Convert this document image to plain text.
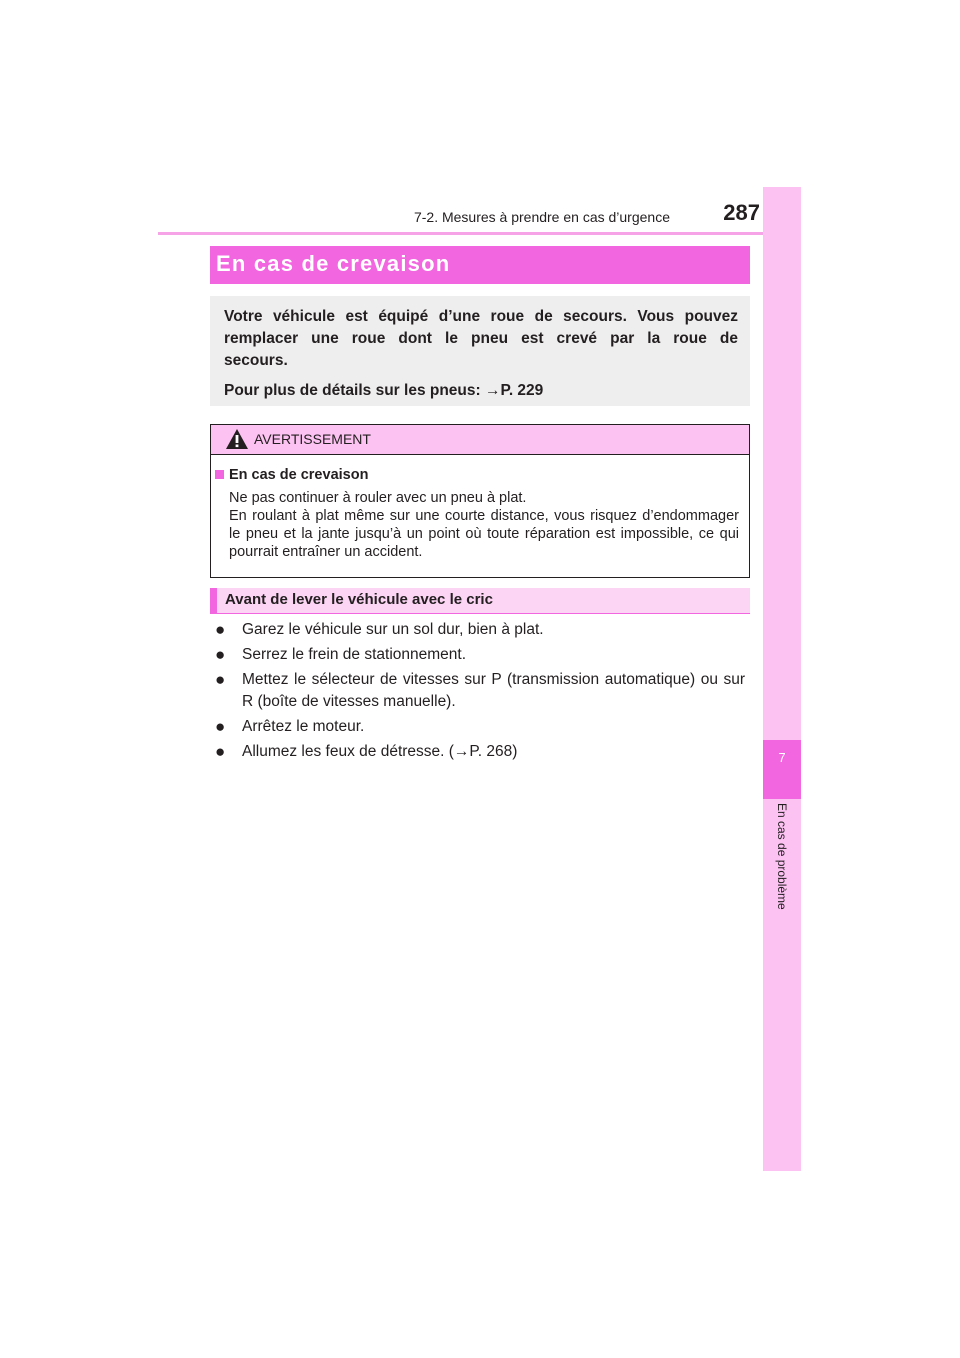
7-2. Mesures à prendre en cas d’urgence	287
7
En cas de problème
En cas de crevaison

Votre véhicule est équipé d’une roue de secours. Vous pouvez remplacer une roue dont le pneu est crevé par la roue de secours.

Pour plus de détails sur les pneus: →P. 229

AVERTISSEMENT
En cas de crevaison

Ne pas continuer à rouler avec un pneu à plat.

En roulant à plat même sur une courte distance, vous risquez d’endommager le pneu et la jante jusqu’à un point où toute réparation est impossible, ce qui pourrait entraîner un accident.

Avant de lever le véhicule avec le cric
● Garez le véhicule sur un sol dur, bien à plat.
● Serrez le frein de stationnement.
● Mettez le sélecteur de vitesses sur P (transmission automatique) ou sur R (boîte de vitesses manuelle).
● Arrêtez le moteur.
● Allumez les feux de détresse. (→P. 268)
